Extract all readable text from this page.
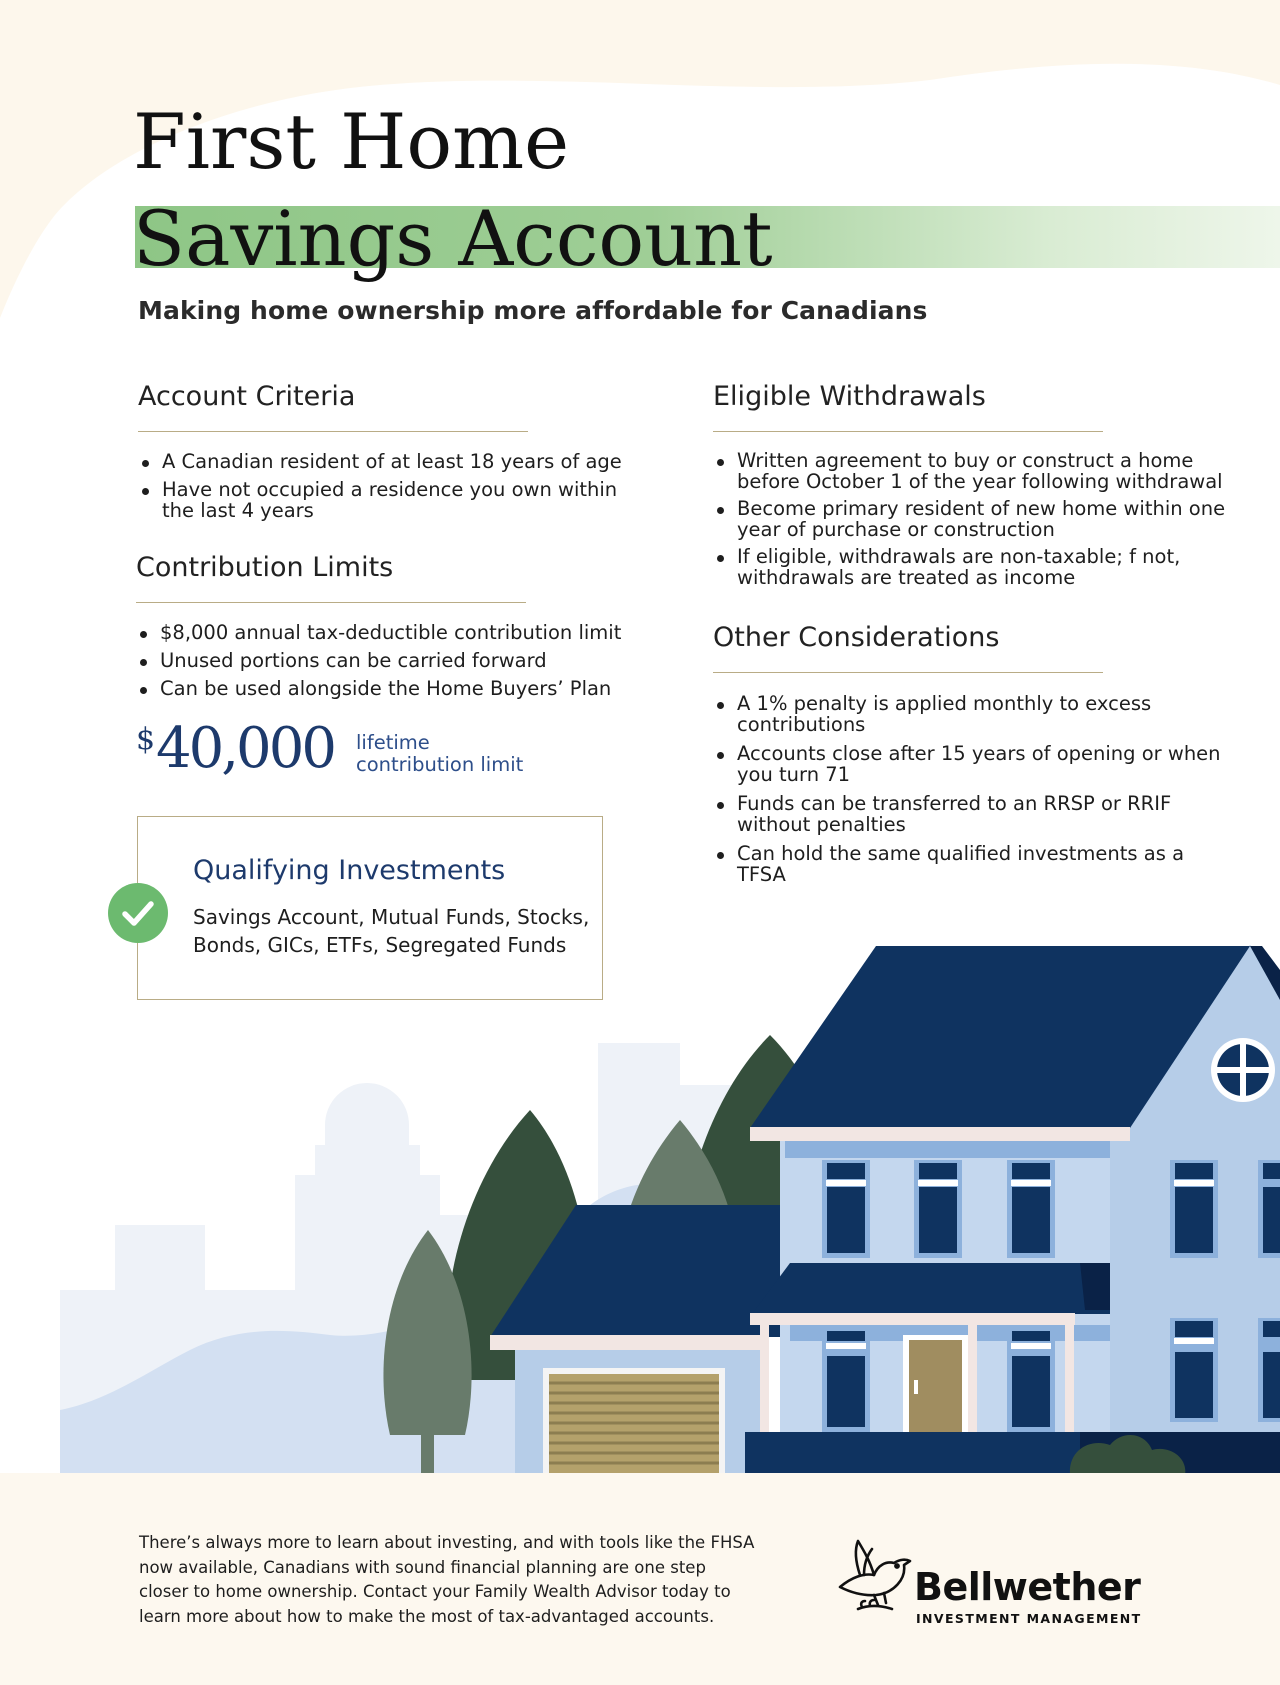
First Home
Savings Account

Making home ownership more affordable for Canadians

Account Criteria
A Canadian resident of at least 18 years of age
Have not occupied a residence you own within the last 4 years
Contribution Limits
$8,000 annual tax-deductible contribution limit
Unused portions can be carried forward
Can be used alongside the Home Buyers’ Plan
$ 40,000 lifetime
contribution limit
Qualifying Investments
Savings Account, Mutual Funds, Stocks, Bonds, GICs, ETFs, Segregated Funds
Eligible Withdrawals
Written agreement to buy or construct a home before October 1 of the year following withdrawal
Become primary resident of new home within one year of purchase or construction
If eligible, withdrawals are non-taxable; f not, withdrawals are treated as income
Other Considerations
A 1% penalty is applied monthly to excess contributions
Accounts close after 15 years of opening or when you turn 71
Funds can be transferred to an RRSP or RRIF without penalties
Can hold the same qualified investments as a TFSA

There’s always more to learn about investing, and with tools like the FHSA now available, Canadians with sound financial planning are one step closer to home ownership. Contact your Family Wealth Advisor today to learn more about how to make the most of tax-advantaged accounts.

Bellwether
INVESTMENT MANAGEMENT
